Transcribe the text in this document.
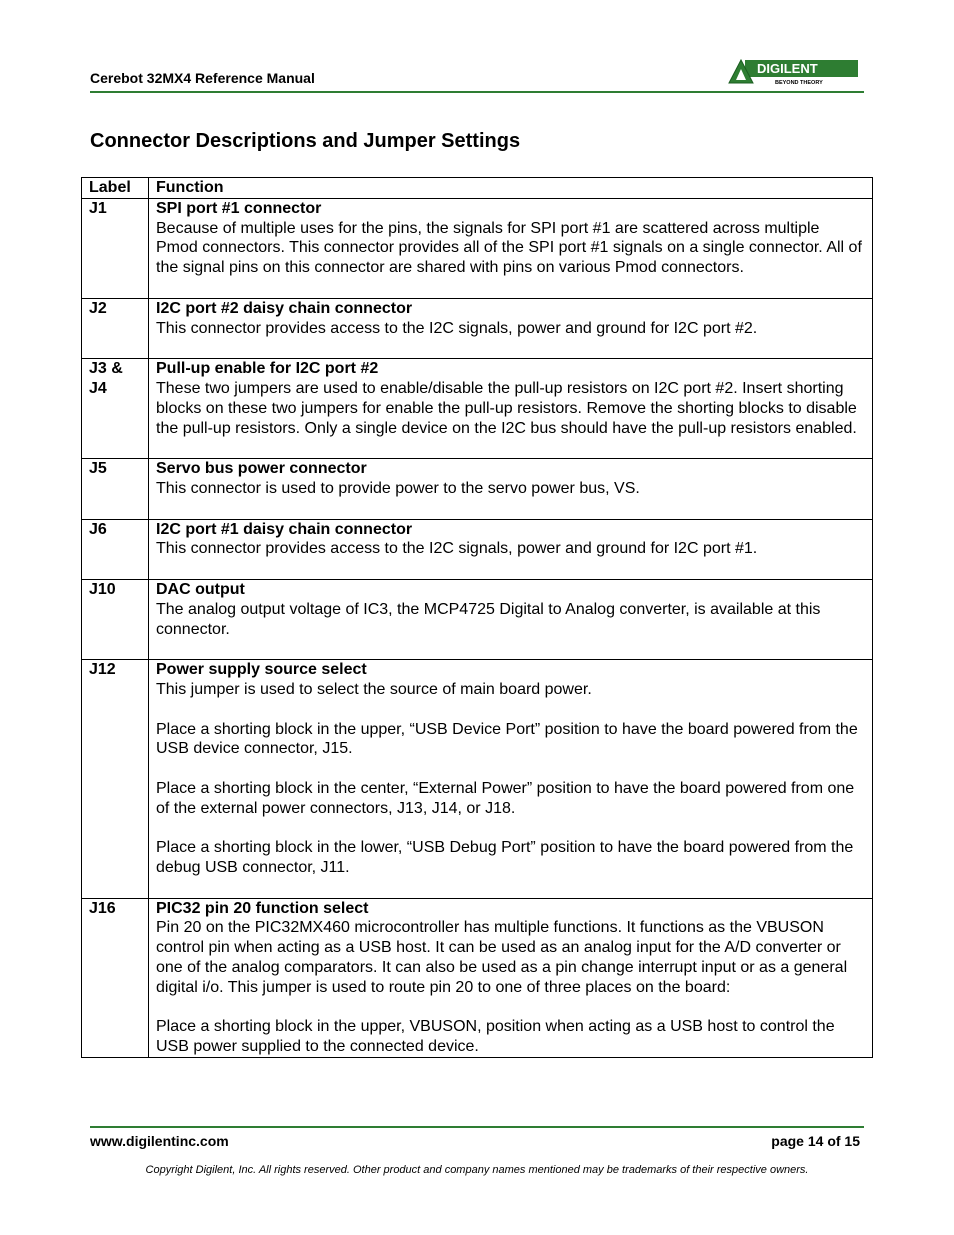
Cerebot 32MX4 Reference Manual
DIGILENT
BEYOND THEORY
Connector Descriptions and Jumper Settings
Label	Function
J1	SPI port #1 connector
Because of multiple uses for the pins, the signals for SPI port #1 are scattered across multiple Pmod connectors. This connector provides all of the SPI port #1 signals on a single connector. All of the signal pins on this connector are shared with pins on various Pmod connectors.

J2	I2C port #2 daisy chain connector
This connector provides access to the I2C signals, power and ground for I2C port #2.

J3 & J4	Pull-up enable for I2C port #2
These two jumpers are used to enable/disable the pull-up resistors on I2C port #2. Insert shorting blocks on these two jumpers for enable the pull-up resistors. Remove the shorting blocks to disable the pull-up resistors. Only a single device on the I2C bus should have the pull-up resistors enabled.

J5	Servo bus power connector
This connector is used to provide power to the servo power bus, VS.

J6	I2C port #1 daisy chain connector
This connector provides access to the I2C signals, power and ground for I2C port #1.

J10	DAC output
The analog output voltage of IC3, the MCP4725 Digital to Analog converter, is available at this connector.

J12	Power supply source select
This jumper is used to select the source of main board power.
Place a shorting block in the upper, “USB Device Port” position to have the board powered from the USB device connector, J15.
Place a shorting block in the center, “External Power” position to have the board powered from one of the external power connectors, J13, J14, or J18.
Place a shorting block in the lower, “USB Debug Port” position to have the board powered from the debug USB connector, J11.

J16	PIC32 pin 20 function select
Pin 20 on the PIC32MX460 microcontroller has multiple functions. It functions as the VBUSON control pin when acting as a USB host. It can be used as an analog input for the A/D converter or one of the analog comparators. It can also be used as a pin change interrupt input or as a general digital i/o. This jumper is used to route pin 20 to one of three places on the board:
Place a shorting block in the upper, VBUSON, position when acting as a USB host to control the USB power supplied to the connected device.
www.digilentinc.com	page 14 of 15
Copyright Digilent, Inc. All rights reserved. Other product and company names mentioned may be trademarks of their respective owners.
